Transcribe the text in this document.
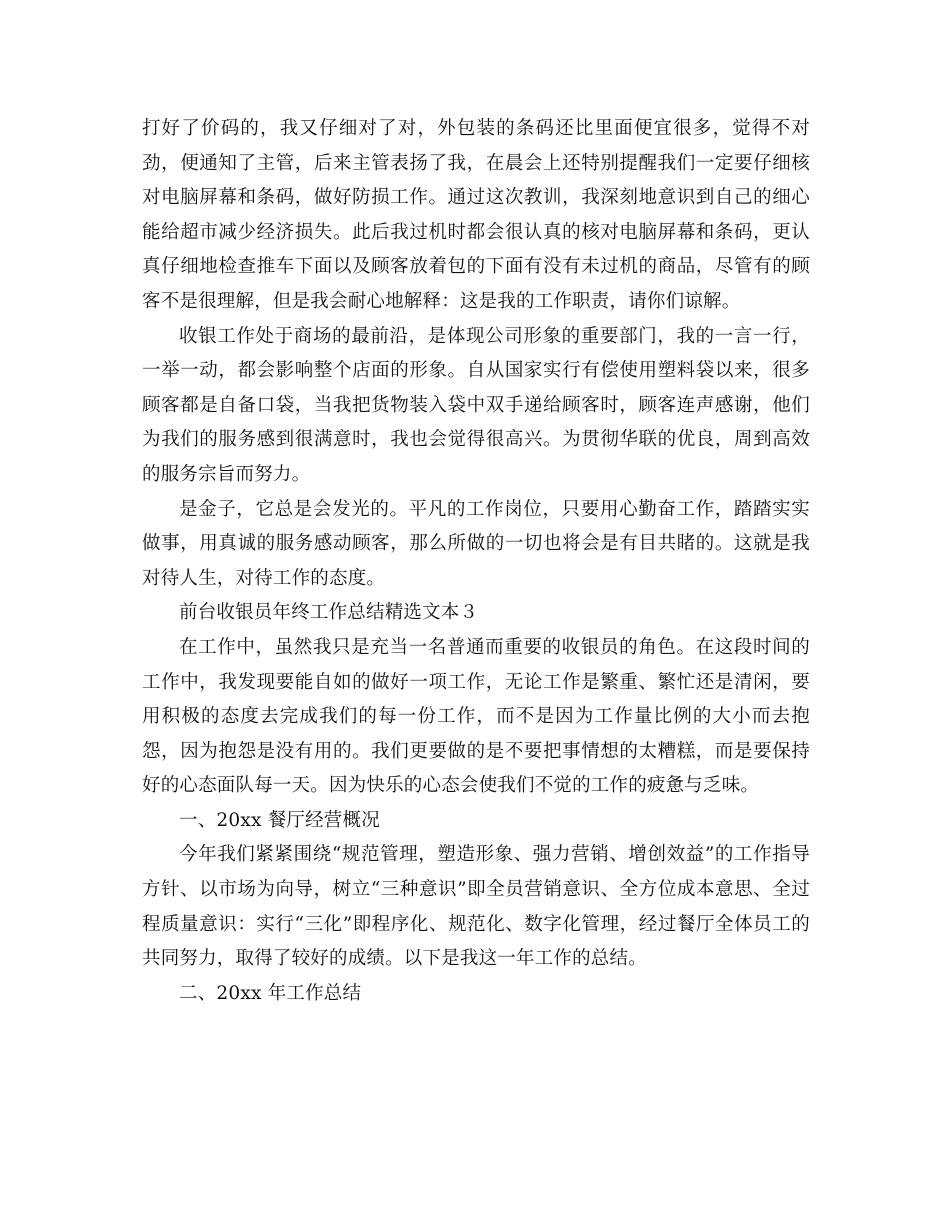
打好了价码的，我又仔细对了对，外包装的条码还比里面便宜很多，觉得不对劲，便通知了主管，后来主管表扬了我，在晨会上还特别提醒我们一定要仔细核对电脑屏幕和条码，做好防损工作。通过这次教训，我深刻地意识到自己的细心能给超市减少经济损失。此后我过机时都会很认真的核对电脑屏幕和条码，更认真仔细地检查推车下面以及顾客放着包的下面有没有未过机的商品，尽管有的顾客不是很理解，但是我会耐心地解释：这是我的工作职责，请你们谅解。

收银工作处于商场的最前沿，是体现公司形象的重要部门，我的一言一行，一举一动，都会影响整个店面的形象。自从国家实行有偿使用塑料袋以来，很多顾客都是自备口袋，当我把货物装入袋中双手递给顾客时，顾客连声感谢，他们为我们的服务感到很满意时，我也会觉得很高兴。为贯彻华联的优良，周到高效的服务宗旨而努力。

是金子，它总是会发光的。平凡的工作岗位，只要用心勤奋工作，踏踏实实做事，用真诚的服务感动顾客，那么所做的一切也将会是有目共睹的。这就是我对待人生，对待工作的态度。

前台收银员年终工作总结精选文本３

在工作中，虽然我只是充当一名普通而重要的收银员的角色。在这段时间的工作中，我发现要能自如的做好一项工作，无论工作是繁重、繁忙还是清闲，要用积极的态度去完成我们的每一份工作，而不是因为工作量比例的大小而去抱怨，因为抱怨是没有用的。我们更要做的是不要把事情想的太糟糕，而是要保持好的心态面队每一天。因为快乐的心态会使我们不觉的工作的疲惫与乏味。

一、20xx 餐厅经营概况

今年我们紧紧围绕“规范管理，塑造形象、强力营销、增创效益”的工作指导方针、以市场为向导，树立“三种意识”即全员营销意识、全方位成本意思、全过程质量意识：实行“三化”即程序化、规范化、数字化管理，经过餐厅全体员工的共同努力，取得了较好的成绩。以下是我这一年工作的总结。

二、20xx 年工作总结
